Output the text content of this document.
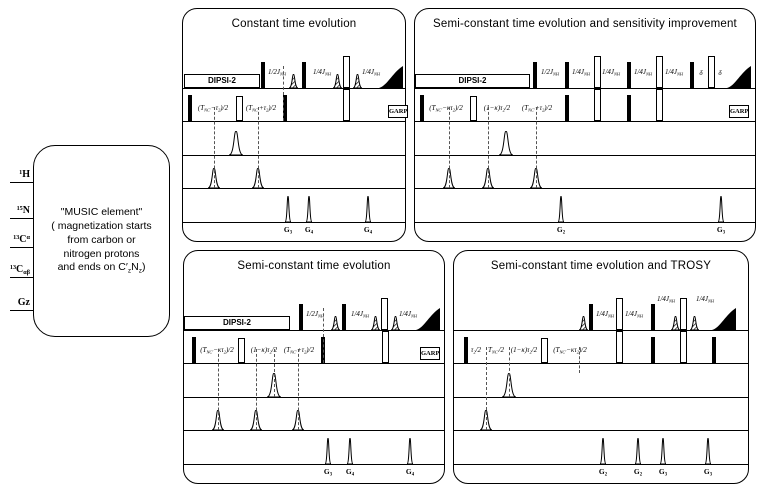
"MUSIC element"
( magnetization starts
from carbon or
nitrogen protons
and ends on $C'_zN_z$)
$^1$H
$^{15}$N
$^{13}C^\alpha$
$^{13}C_{\alpha\beta}$
Gz
Constant time evolution
DIPSI-2
$1/2J_{NH}$	$1/4J_{NH}$	$1/4J_{NH}$
$(T_{NC'}-\tau_2)/2$	$(T_{NC'}+\tau_2)/2$	GARP
$G_3$ $G_4$	$G_4$
Semi-constant time evolution and sensitivity improvement
DIPSI-2
$1/2J_{NH}$ $1/4J_{NH}$ $1/4J_{NH}$ $1/4J_{NH}$ $1/4J_{NH}$ δ δ
$(T_{NC'}-\kappa\tau_2)/2$	$(1-\kappa)\tau_2/2$ $(T_{NC'}+\tau_2)/2$	GARP
$G_2$	$G_3$
Semi-constant time evolution
DIPSI-2
$1/2J_{NH}$	$1/4J_{NH}$	$1/4J_{NH}$
$(T_{NC'}-\kappa\tau_2)/2$ $(1-\kappa)\tau_2/2$ $(T_{NC'}+\tau_2)/2$	GARP
$G_3$ $G_4$	$G_4$
Semi-constant time evolution and TROSY
$1/4J_{NH}$ $1/4J_{NH}$
$1/4J_{NH}$	$1/4J_{NH}$
$\tau_2/2$ $T_{NC'}/2$ $(1-\kappa)\tau_2/2$ $(T_{NC'}-\kappa\tau_2)/2$
$G_2$	$G_2$ $G_3$	$G_3$
